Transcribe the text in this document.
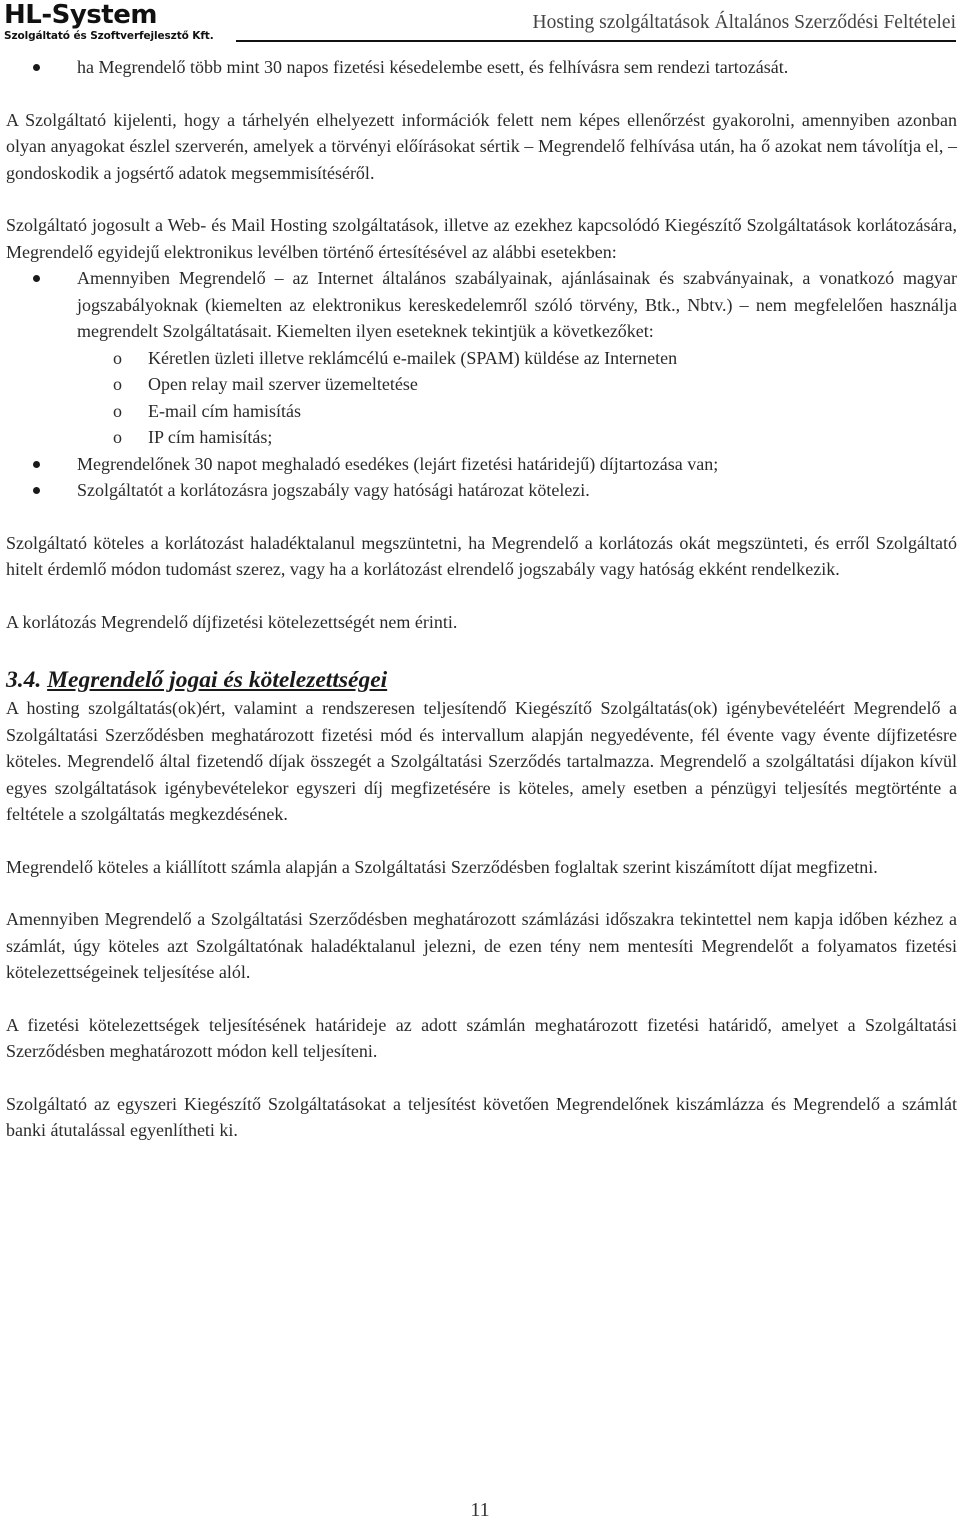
HL-System
Szolgáltató és Szoftverfejlesztő Kft.
Hosting szolgáltatások Általános Szerződési Feltételei
ha Megrendelő több mint 30 napos fizetési késedelembe esett, és felhívásra sem rendezi tartozását.

A Szolgáltató kijelenti, hogy a tárhelyén elhelyezett információk felett nem képes ellenőrzést gyakorolni, amennyiben azonban olyan anyagokat észlel szerverén, amelyek a törvényi előírásokat sértik – Megrendelő felhívása után, ha ő azokat nem távolítja el, – gondoskodik a jogsértő adatok megsemmisítéséről.

Szolgáltató jogosult a Web- és Mail Hosting szolgáltatások, illetve az ezekhez kapcsolódó Kiegészítő Szolgáltatások korlátozására, Megrendelő egyidejű elektronikus levélben történő értesítésével az alábbi esetekben:

Amennyiben Megrendelő – az Internet általános szabályainak, ajánlásainak és szabványainak, a vonatkozó magyar jogszabályoknak (kiemelten az elektronikus kereskedelemről szóló törvény, Btk., Nbtv.) – nem megfelelően használja megrendelt Szolgáltatásait. Kiemelten ilyen eseteknek tekintjük a következőket:
o Kéretlen üzleti illetve reklámcélú e-mailek (SPAM) küldése az Interneten
o Open relay mail szerver üzemeltetése
o E-mail cím hamisítás
o IP cím hamisítás;
Megrendelőnek 30 napot meghaladó esedékes (lejárt fizetési határidejű) díjtartozása van;
Szolgáltatót a korlátozásra jogszabály vagy hatósági határozat kötelezi.

Szolgáltató köteles a korlátozást haladéktalanul megszüntetni, ha Megrendelő a korlátozás okát megszünteti, és erről Szolgáltató hitelt érdemlő módon tudomást szerez, vagy ha a korlátozást elrendelő jogszabály vagy hatóság ekként rendelkezik.

A korlátozás Megrendelő díjfizetési kötelezettségét nem érinti.

3.4. Megrendelő jogai és kötelezettségei

A hosting szolgáltatás(ok)ért, valamint a rendszeresen teljesítendő Kiegészítő Szolgáltatás(ok) igénybevételéért Megrendelő a Szolgáltatási Szerződésben meghatározott fizetési mód és intervallum alapján negyedévente, fél évente vagy évente díjfizetésre köteles. Megrendelő által fizetendő díjak összegét a Szolgáltatási Szerződés tartalmazza. Megrendelő a szolgáltatási díjakon kívül egyes szolgáltatások igénybevételekor egyszeri díj megfizetésére is köteles, amely esetben a pénzügyi teljesítés megtörténte a feltétele a szolgáltatás megkezdésének.

Megrendelő köteles a kiállított számla alapján a Szolgáltatási Szerződésben foglaltak szerint kiszámított díjat megfizetni.

Amennyiben Megrendelő a Szolgáltatási Szerződésben meghatározott számlázási időszakra tekintettel nem kapja időben kézhez a számlát, úgy köteles azt Szolgáltatónak haladéktalanul jelezni, de ezen tény nem mentesíti Megrendelőt a folyamatos fizetési kötelezettségeinek teljesítése alól.

A fizetési kötelezettségek teljesítésének határideje az adott számlán meghatározott fizetési határidő, amelyet a Szolgáltatási Szerződésben meghatározott módon kell teljesíteni.

Szolgáltató az egyszeri Kiegészítő Szolgáltatásokat a teljesítést követően Megrendelőnek kiszámlázza és Megrendelő a számlát banki átutalással egyenlítheti ki.

11
